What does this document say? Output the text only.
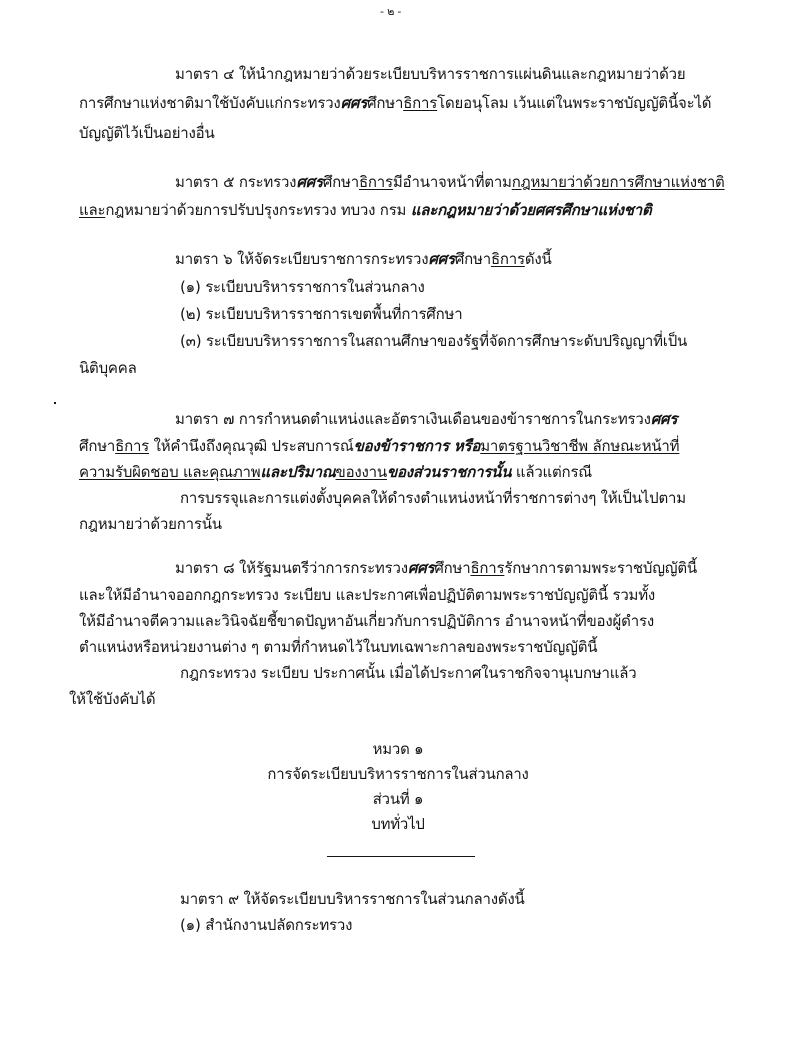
- ๒ -
มาตรา ๔ ให้นำกฎหมายว่าด้วยระเบียบบริหารราชการแผ่นดินและกฎหมายว่าด้วย
การศึกษาแห่งชาติมาใช้บังคับแก่กระทรวงศศรศึกษาธิการโดยอนุโลม เว้นแต่ในพระราชบัญญัตินี้จะได้
บัญญัติไว้เป็นอย่างอื่น
มาตรา ๕ กระทรวงศศรศึกษาธิการมีอำนาจหน้าที่ตามกฎหมายว่าด้วยการศึกษาแห่งชาติ
และกฎหมายว่าด้วยการปรับปรุงกระทรวง ทบวง กรม และกฎหมายว่าด้วยศศรศึกษาแห่งชาติ
มาตรา ๖ ให้จัดระเบียบราชการกระทรวงศศรศึกษาธิการดังนี้
(๑) ระเบียบบริหารราชการในส่วนกลาง
(๒) ระเบียบบริหารราชการเขตพื้นที่การศึกษา
(๓) ระเบียบบริหารราชการในสถานศึกษาของรัฐที่จัดการศึกษาระดับปริญญาที่เป็น
นิติบุคคล
มาตรา ๗ การกำหนดตำแหน่งและอัตราเงินเดือนของข้าราชการในกระทรวงศศร
ศึกษาธิการ ให้คำนึงถึงคุณวุฒิ ประสบการณ์ของข้าราชการ หรือมาตรฐานวิชาชีพ ลักษณะหน้าที่
ความรับผิดชอบ และคุณภาพและปริมาณของงานของส่วนราชการนั้น แล้วแต่กรณี
การบรรจุและการแต่งตั้งบุคคลให้ดำรงตำแหน่งหน้าที่ราชการต่างๆ ให้เป็นไปตาม
กฎหมายว่าด้วยการนั้น
มาตรา ๘ ให้รัฐมนตรีว่าการกระทรวงศศรศึกษาธิการรักษาการตามพระราชบัญญัตินี้
และให้มีอำนาจออกกฎกระทรวง ระเบียบ และประกาศเพื่อปฏิบัติตามพระราชบัญญัตินี้ รวมทั้ง
ให้มีอำนาจตีความและวินิจฉัยชี้ขาดปัญหาอันเกี่ยวกับการปฏิบัติการ อำนาจหน้าที่ของผู้ดำรง
ตำแหน่งหรือหน่วยงานต่าง ๆ ตามที่กำหนดไว้ในบทเฉพาะกาลของพระราชบัญญัตินี้
กฎกระทรวง ระเบียบ ประกาศนั้น เมื่อได้ประกาศในราชกิจจานุเบกษาแล้ว
ให้ใช้บังคับได้
หมวด ๑
การจัดระเบียบบริหารราชการในส่วนกลาง
ส่วนที่ ๑
บททั่วไป
มาตรา ๙ ให้จัดระเบียบบริหารราชการในส่วนกลางดังนี้
(๑) สำนักงานปลัดกระทรวง
